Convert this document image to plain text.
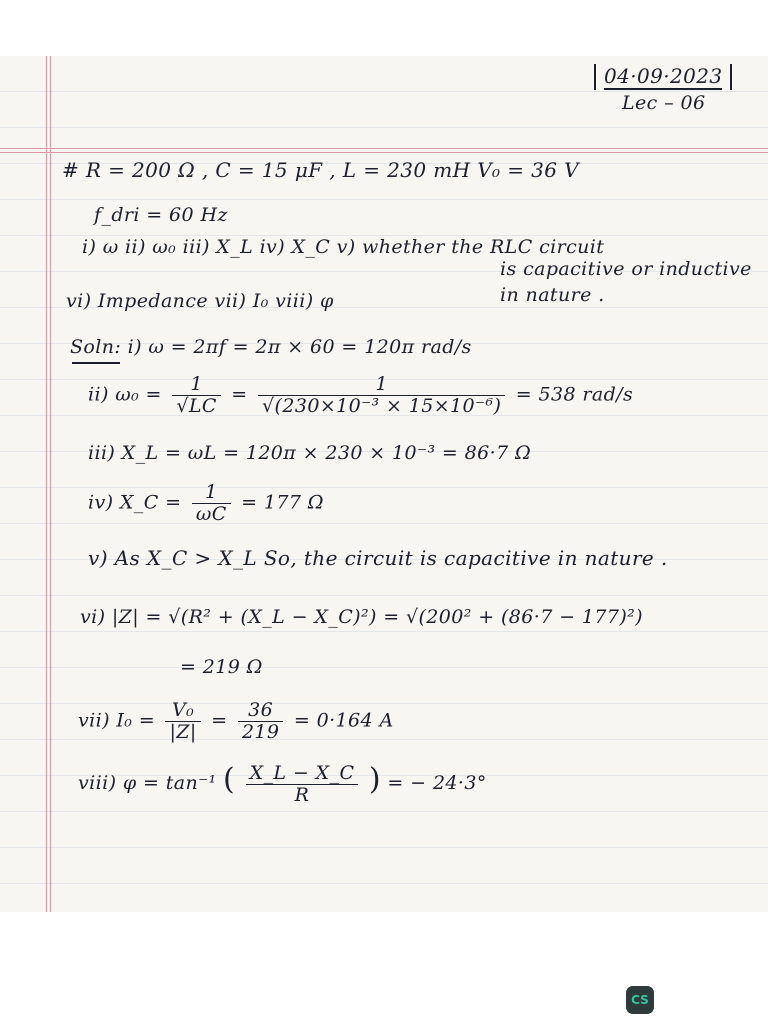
04·09·2023
Lec – 06
# R = 200 Ω , C = 15 μF , L = 230 mH V₀ = 36 V
f_dri = 60 Hz
i) ω ii) ω₀ iii) X_L iv) X_C v) whether the RLC circuit
is capacitive or inductive
vi) Impedance vii) I₀ viii) φ	in nature .
Soln: i) ω = 2πf = 2π × 60 = 120π rad/s
ii) $\omega_0 = \frac{1}{√LC} = \frac{1}{\text{√(230×10⁻³ × 15×10⁻⁶)}} = 538$ rad/s
iii) X_L = ωL = 120π × 230 × 10⁻³ = 86·7 Ω
iv) X_C = $\frac{1}{\omega C} = 177$ Ω
v) As X_C > X_L So, the circuit is capacitive in nature .
vi) |Z| = √(R² + (X_L − X_C)²) = √(200² + (86·7 − 177)²)
= 219 Ω
vii) $I_0 = \frac{\text{V₀}}{|Z|} = \frac{36}{219} = 0\cdot 164$ A
viii) φ = tan⁻¹ ( $\frac{X\_L - X\_C}{R}$ ) = − 24·3°
CS
